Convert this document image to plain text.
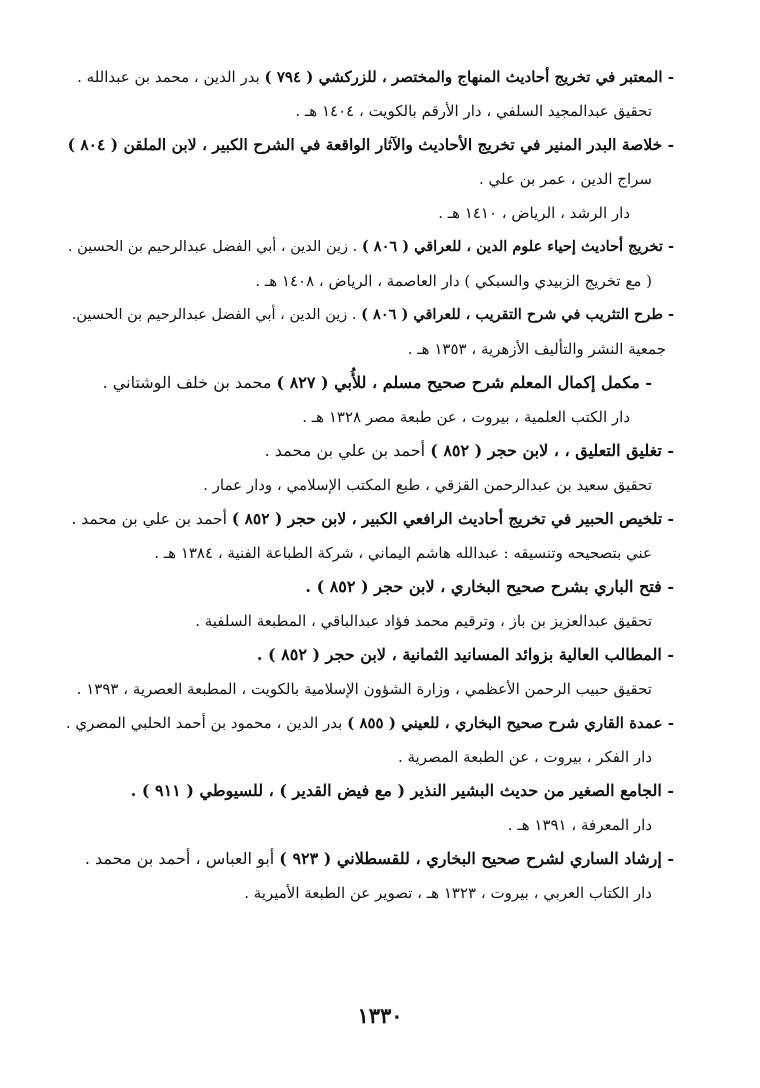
- المعتبر في تخريج أحاديث المنهاج والمختصر ، للزركشي ( ٧٩٤ ) بدر الدين ، محمد بن عبدالله .
تحقيق عبدالمجيد السلفي ، دار الأرقم بالكويت ، ١٤٠٤ هـ .
- خلاصة البدر المنير في تخريج الأحاديث والآثار الواقعة في الشرح الكبير ، لابن الملقن ( ٨٠٤ )
سراج الدين ، عمر بن علي .
دار الرشد ، الرياض ، ١٤١٠ هـ .
- تخريج أحاديث إحياء علوم الدين ، للعراقي ( ٨٠٦ ) . زين الدين ، أبي الفضل عبدالرحيم بن الحسين .
( مع تخريج الزبيدي والسبكي ) دار العاصمة ، الرياض ، ١٤٠٨ هـ .
- طرح التثريب في شرح التقريب ، للعراقي ( ٨٠٦ ) . زين الدين ، أبي الفضل عبدالرحيم بن الحسين.
جمعية النشر والتأليف الأزهرية ، ١٣٥٣ هـ .
- مكمل إكمال المعلم شرح صحيح مسلم ، للأُبي ( ٨٢٧ ) محمد بن خلف الوشتاني .
دار الكتب العلمية ، بيروت ، عن طبعة مصر ١٣٢٨ هـ .
- تغليق التعليق ، ، لابن حجر ( ٨٥٢ ) أحمد بن علي بن محمد .
تحقيق سعيد بن عبدالرحمن القزقي ، طبع المكتب الإسلامي ، ودار عمار .
- تلخيص الحبير في تخريج أحاديث الرافعي الكبير ، لابن حجر ( ٨٥٢ ) أحمد بن علي بن محمد .
عني بتصحيحه وتنسيقه : عبدالله هاشم اليماني ، شركة الطباعة الفنية ، ١٣٨٤ هـ .
- فتح الباري بشرح صحيح البخاري ، لابن حجر ( ٨٥٢ ) .
تحقيق عبدالعزيز بن باز ، وترقيم محمد فؤاد عبدالباقي ، المطبعة السلفية .
- المطالب العالية بزوائد المسانيد الثمانية ، لابن حجر ( ٨٥٢ ) .
تحقيق حبيب الرحمن الأعظمي ، وزارة الشؤون الإسلامية بالكويت ، المطبعة العصرية ، ١٣٩٣ .
- عمدة القاري شرح صحيح البخاري ، للعيني ( ٨٥٥ ) بدر الدين ، محمود بن أحمد الحلبي المصري .
دار الفكر ، بيروت ، عن الطبعة المصرية .
- الجامع الصغير من حديث البشير النذير ( مع فيض القدير ) ، للسيوطي ( ٩١١ ) .
دار المعرفة ، ١٣٩١ هـ .
- إرشاد الساري لشرح صحيح البخاري ، للقسطلاني ( ٩٢٣ ) أبو العباس ، أحمد بن محمد .
دار الكتاب العربي ، بيروت ، ١٣٢٣ هـ ، تصوير عن الطبعة الأميرية .
١٣٣٠
